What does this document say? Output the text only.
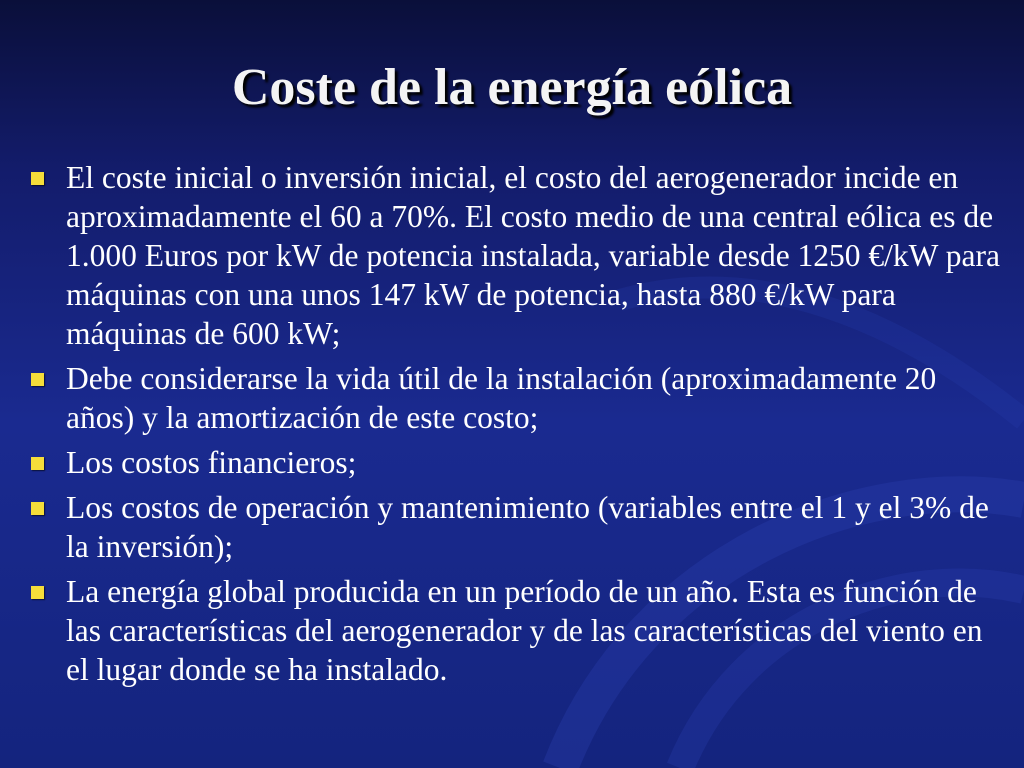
Coste de la energía eólica
El coste inicial o inversión inicial, el costo del aerogenerador incide en aproximadamente el 60 a 70%. El costo medio de una central eólica es de 1.000 Euros por kW de potencia instalada, variable desde 1250 €/kW para máquinas con una unos 147 kW de potencia, hasta 880 €/kW para máquinas de 600 kW;
Debe considerarse la vida útil de la instalación (aproximadamente 20 años) y la amortización de este costo;
Los costos financieros;
Los costos de operación y mantenimiento (variables entre el 1 y el 3% de la inversión);
La energía global producida en un período de un año. Esta es función de las características del aerogenerador y de las características del viento en el lugar donde se ha instalado.
